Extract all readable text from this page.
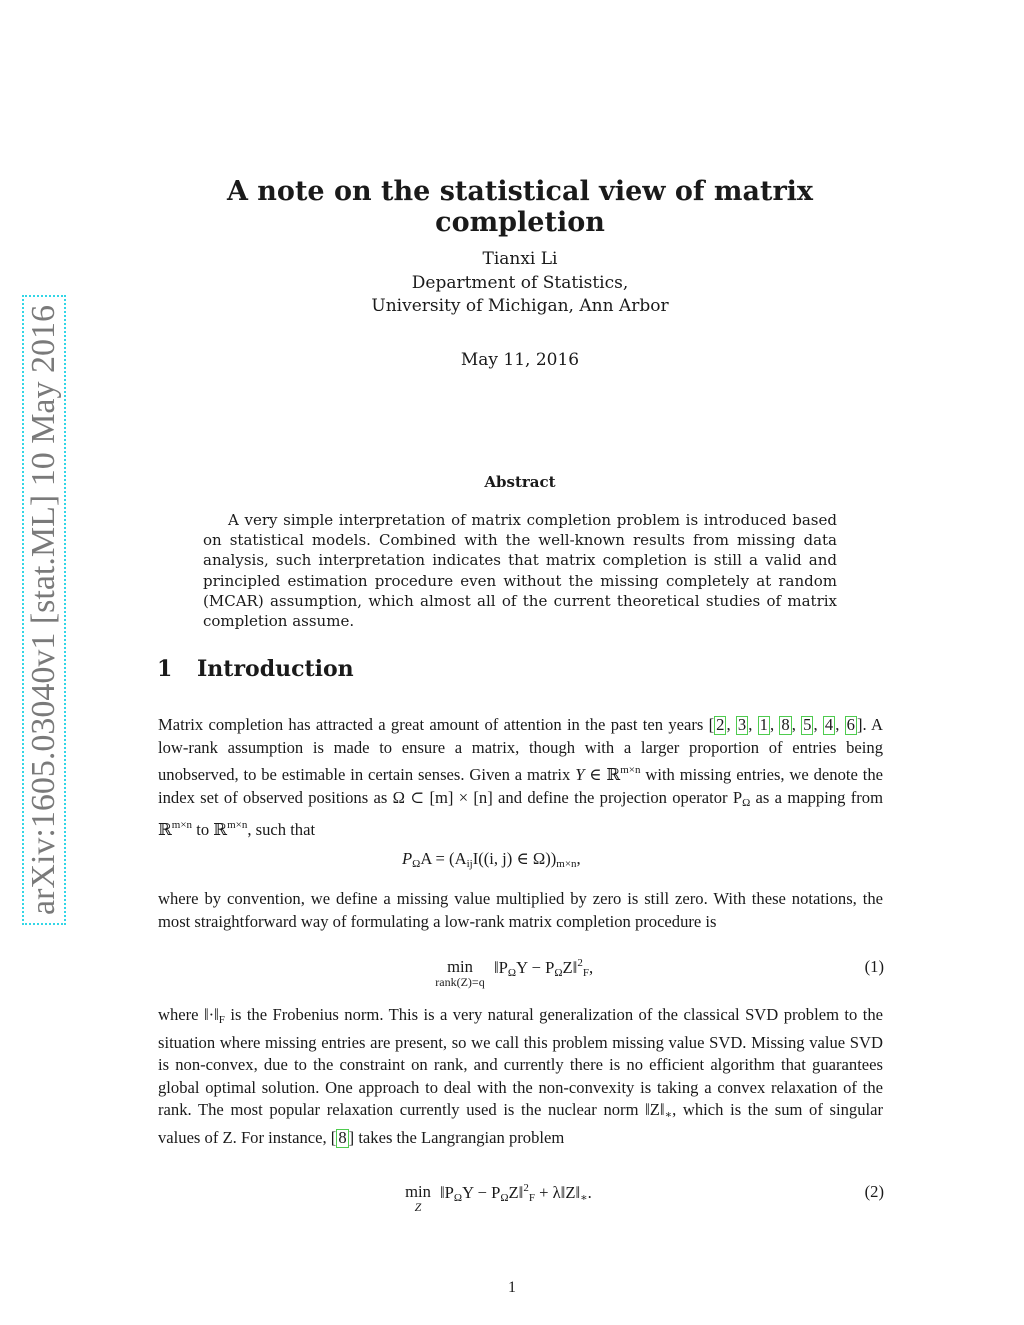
arXiv:1605.03040v1 [stat.ML] 10 May 2016
A note on the statistical view of matrix completion
Tianxi Li
Department of Statistics,
University of Michigan, Ann Arbor
May 11, 2016
Abstract
A very simple interpretation of matrix completion problem is introduced based on statistical models. Combined with the well-known results from missing data analysis, such interpretation indicates that matrix completion is still a valid and principled estimation procedure even without the missing completely at random (MCAR) assumption, which almost all of the current theoretical studies of matrix completion assume.
1 Introduction
Matrix completion has attracted a great amount of attention in the past ten years [ 2 , 3 , 1 , 8 , 5 , 4 , 6 ]. A low-rank assumption is made to ensure a matrix, though with a larger proportion of entries being unobserved, to be estimable in certain senses. Given a matrix Y ∈ ℝ$^{m\times n}$ with missing entries, we denote the index set of observed positions as Ω ⊂ [m] × [n] and define the projection operator $P_\Omega$ as a mapping from ℝ$^{m\times n}$ to ℝ$^{m\times n}$, such that
$P_\Omega A = (A_{ij}I((i$, j) ∈ $\Omega))_{m\times n}$,
where by convention, we define a missing value multiplied by zero is still zero. With these notations, the most straightforward way of formulating a low-rank matrix completion procedure is
min
rank(Z)=q
$‖P_\Omega Y$ − $P_\Omega Z‖^2_F$,	(1)
where $‖\cdot‖_F$ is the Frobenius norm. This is a very natural generalization of the classical SVD problem to the situation where missing entries are present, so we call this problem missing value SVD. Missing value SVD is non-convex, due to the constraint on rank, and currently there is no efficient algorithm that guarantees global optimal solution. One approach to deal with the non-convexity is taking a convex relaxation of the rank. The most popular relaxation currently used is the nuclear norm $‖Z‖_∗$, which is the sum of singular values of Z. For instance, [ 8 ] takes the Langrangian problem
min
Z
$‖P_\Omega Y$ − $P_\Omega Z‖^2_F$ + $\lambda‖Z‖_∗$.	(2)
1
